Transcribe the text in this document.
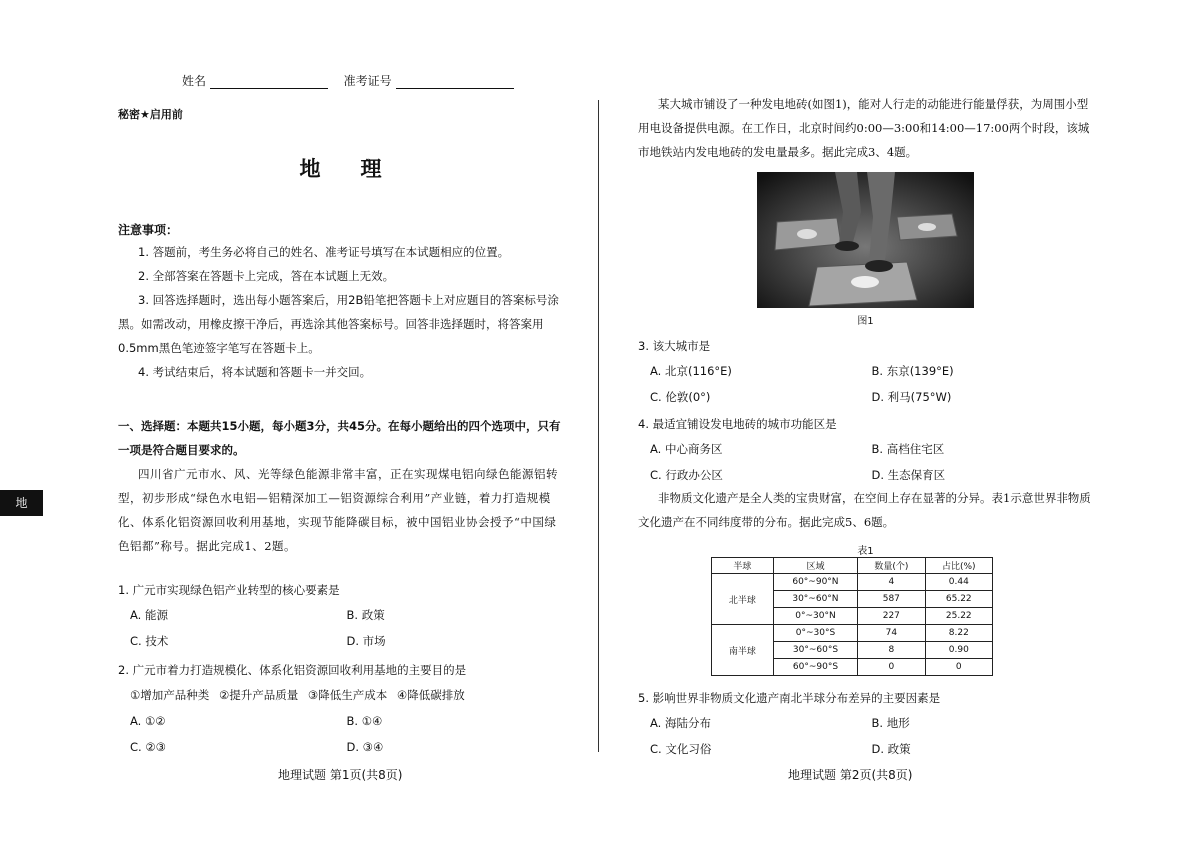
地
姓名	准考证号
秘密★启用前
地理
注意事项：

1. 答题前，考生务必将自己的姓名、准考证号填写在本试题相应的位置。

2. 全部答案在答题卡上完成，答在本试题上无效。

3. 回答选择题时，选出每小题答案后，用2B铅笔把答题卡上对应题目的答案标号涂黑。如需改动，用橡皮擦干净后，再选涂其他答案标号。回答非选择题时，将答案用0.5mm黑色笔迹签字笔写在答题卡上。

4. 考试结束后，将本试题和答题卡一并交回。

一、选择题：本题共15小题，每小题3分，共45分。在每小题给出的四个选项中，只有一项是符合题目要求的。

四川省广元市水、风、光等绿色能源非常丰富，正在实现煤电铝向绿色能源铝转型，初步形成“绿色水电铝—铝精深加工—铝资源综合利用”产业链，着力打造规模化、体系化铝资源回收利用基地，实现节能降碳目标，被中国铝业协会授予“中国绿色铝都”称号。据此完成1、2题。

1. 广元市实现绿色铝产业转型的核心要素是

A. 能源	B. 政策
C. 技术	D. 市场

2. 广元市着力打造规模化、体系化铝资源回收利用基地的主要目的是

①增加产品种类 ②提升产品质量 ③降低生产成本 ④降低碳排放
A. ①②	B. ①④
C. ②③	D. ③④
地理试题 第1页(共8页)

某大城市铺设了一种发电地砖(如图1)，能对人行走的动能进行能量俘获，为周围小型用电设备提供电源。在工作日，北京时间约0:00—3:00和14:00—17:00两个时段，该城市地铁站内发电地砖的发电量最多。据此完成3、4题。

图1

3. 该大城市是

A. 北京(116°E)	B. 东京(139°E)
C. 伦敦(0°)	D. 利马(75°W)

4. 最适宜铺设发电地砖的城市功能区是

A. 中心商务区	B. 高档住宅区
C. 行政办公区	D. 生态保育区

非物质文化遗产是全人类的宝贵财富，在空间上存在显著的分异。表1示意世界非物质文化遗产在不同纬度带的分布。据此完成5、6题。

表1
半球	区域	数量(个)	占比(%)
北半球	60°~90°N	4	0.44
	30°~60°N	587	65.22
	0°~30°N	227	25.22
南半球	0°~30°S	74	8.22
	30°~60°S	8	0.90
	60°~90°S	0	0

5. 影响世界非物质文化遗产南北半球分布差异的主要因素是

A. 海陆分布	B. 地形
C. 文化习俗	D. 政策
地理试题 第2页(共8页)
